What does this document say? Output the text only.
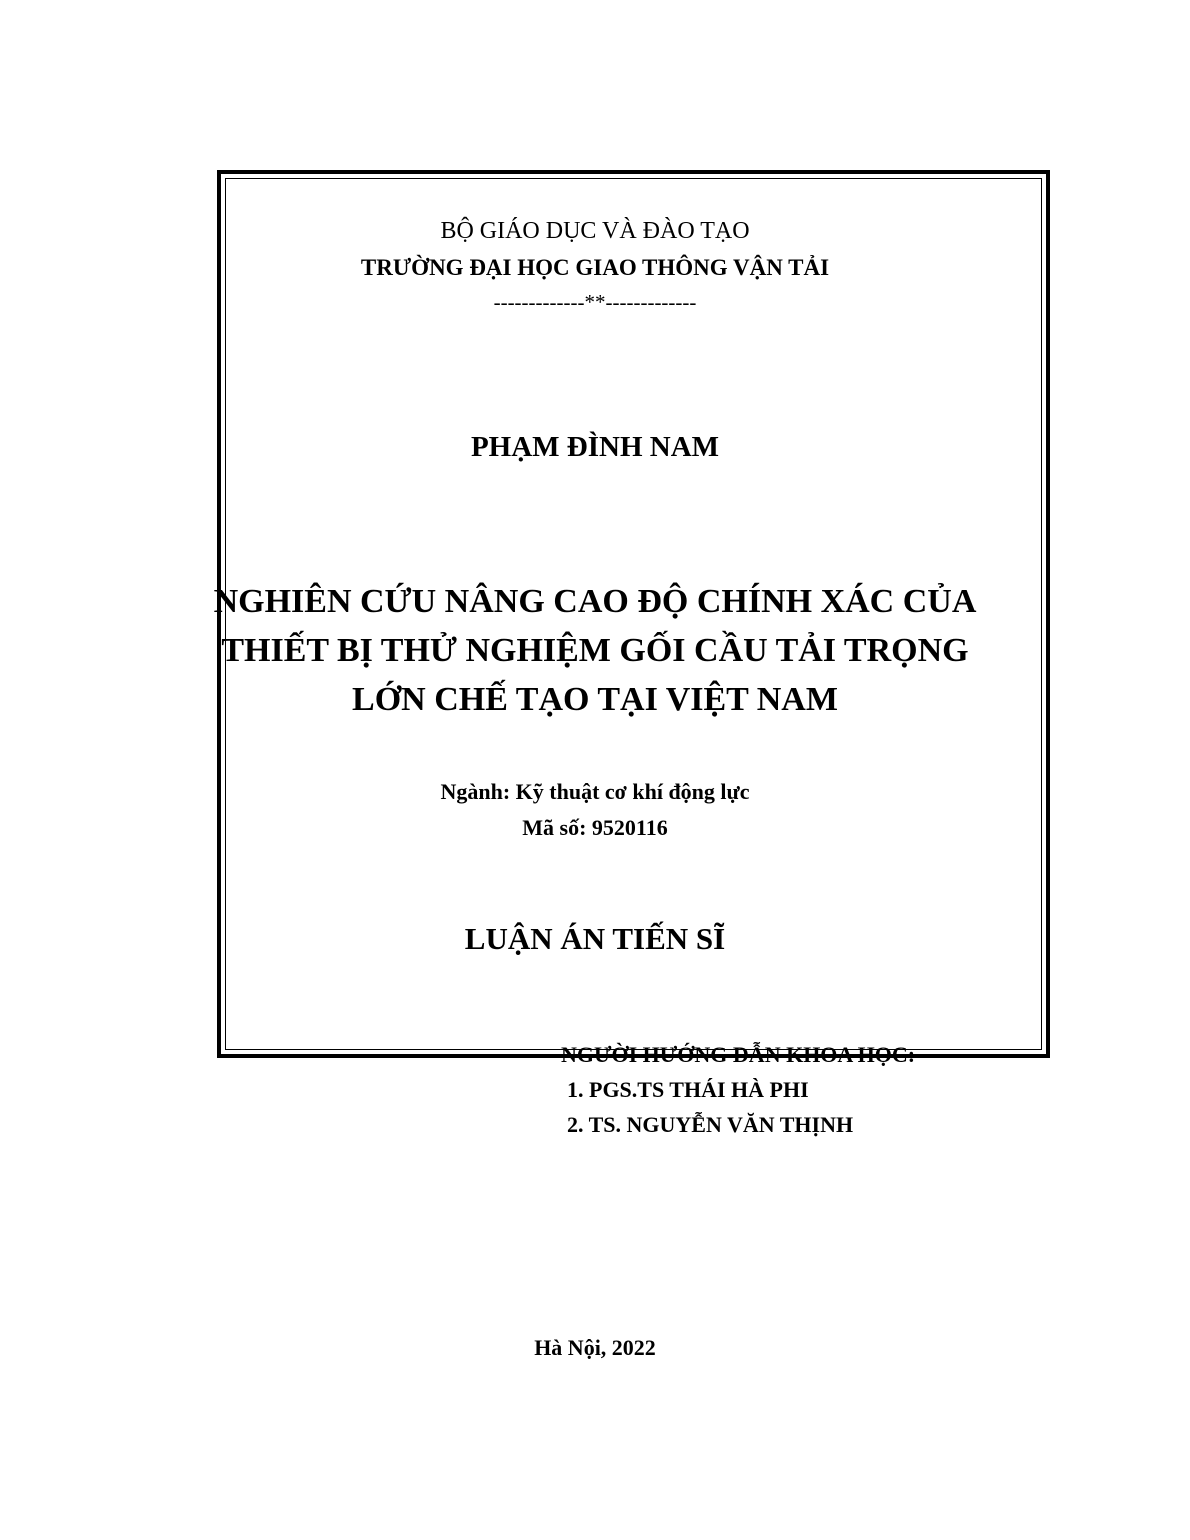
BỘ GIÁO DỤC VÀ ĐÀO TẠO
TRƯỜNG ĐẠI HỌC GIAO THÔNG VẬN TẢI
-------------**-------------
PHẠM ĐÌNH NAM
NGHIÊN CỨU NÂNG CAO ĐỘ CHÍNH XÁC CỦA
THIẾT BỊ THỬ NGHIỆM GỐI CẦU TẢI TRỌNG
LỚN CHẾ TẠO TẠI VIỆT NAM
Ngành: Kỹ thuật cơ khí động lực
Mã số: 9520116
LUẬN ÁN TIẾN SĨ
NGƯỜI HƯỚNG DẪN KHOA HỌC:
1. PGS.TS THÁI HÀ PHI
2. TS. NGUYỄN VĂN THỊNH
Hà Nội, 2022
